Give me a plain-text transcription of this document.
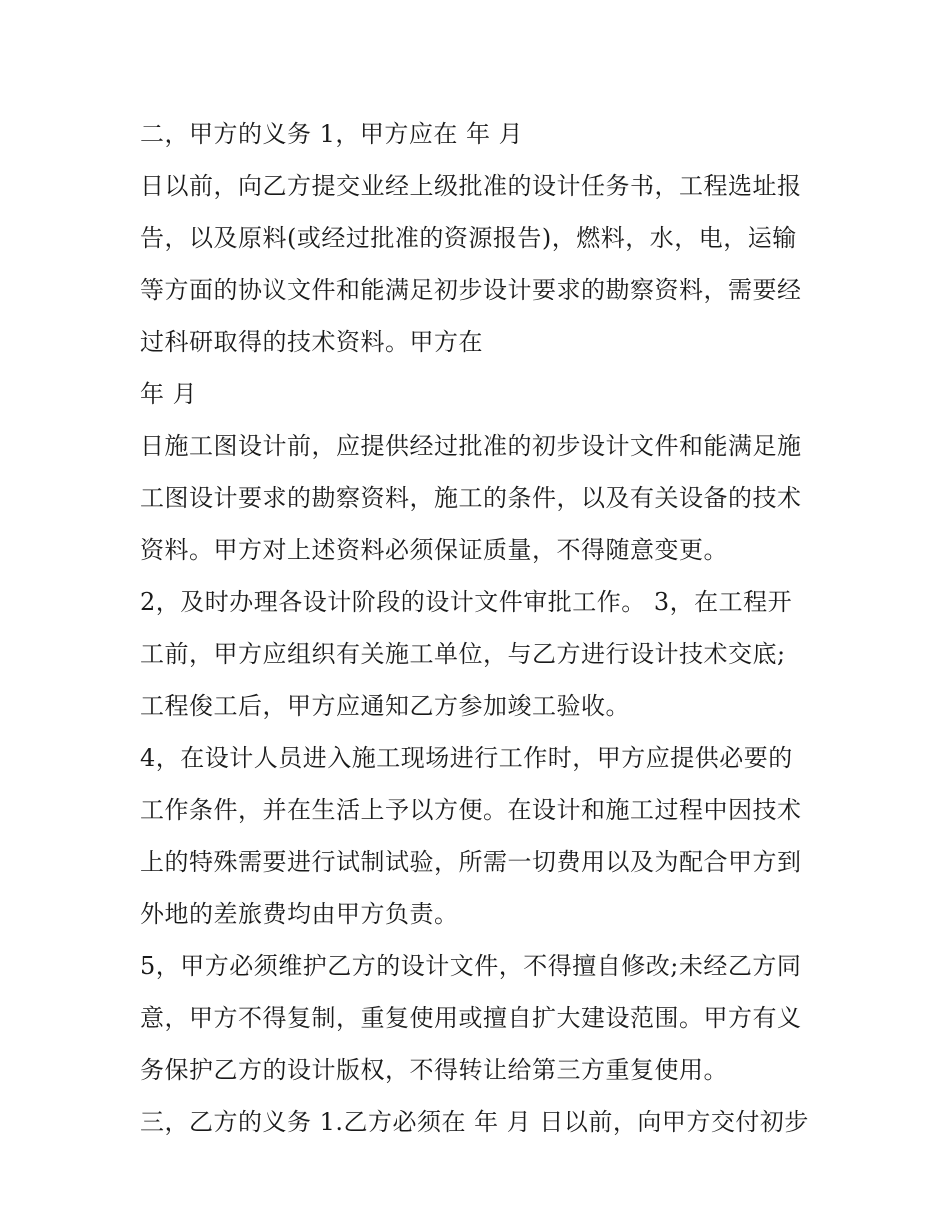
二，甲方的义务 1，甲方应在 年 月
日以前，向乙方提交业经上级批准的设计任务书，工程选址报
告，以及原料(或经过批准的资源报告)，燃料，水，电，运输
等方面的协议文件和能满足初步设计要求的勘察资料，需要经
过科研取得的技术资料。甲方在
年 月
日施工图设计前，应提供经过批准的初步设计文件和能满足施
工图设计要求的勘察资料，施工的条件，以及有关设备的技术
资料。甲方对上述资料必须保证质量，不得随意变更。
2，及时办理各设计阶段的设计文件审批工作。 3，在工程开
工前，甲方应组织有关施工单位，与乙方进行设计技术交底;
工程俊工后，甲方应通知乙方参加竣工验收。
4，在设计人员进入施工现场进行工作时，甲方应提供必要的
工作条件，并在生活上予以方便。在设计和施工过程中因技术
上的特殊需要进行试制试验，所需一切费用以及为配合甲方到
外地的差旅费均由甲方负责。
5，甲方必须维护乙方的设计文件，不得擅自修改;未经乙方同
意，甲方不得复制，重复使用或擅自扩大建设范围。甲方有义
务保护乙方的设计版权，不得转让给第三方重复使用。
三，乙方的义务 1.乙方必须在 年 月 日以前，向甲方交付初步
